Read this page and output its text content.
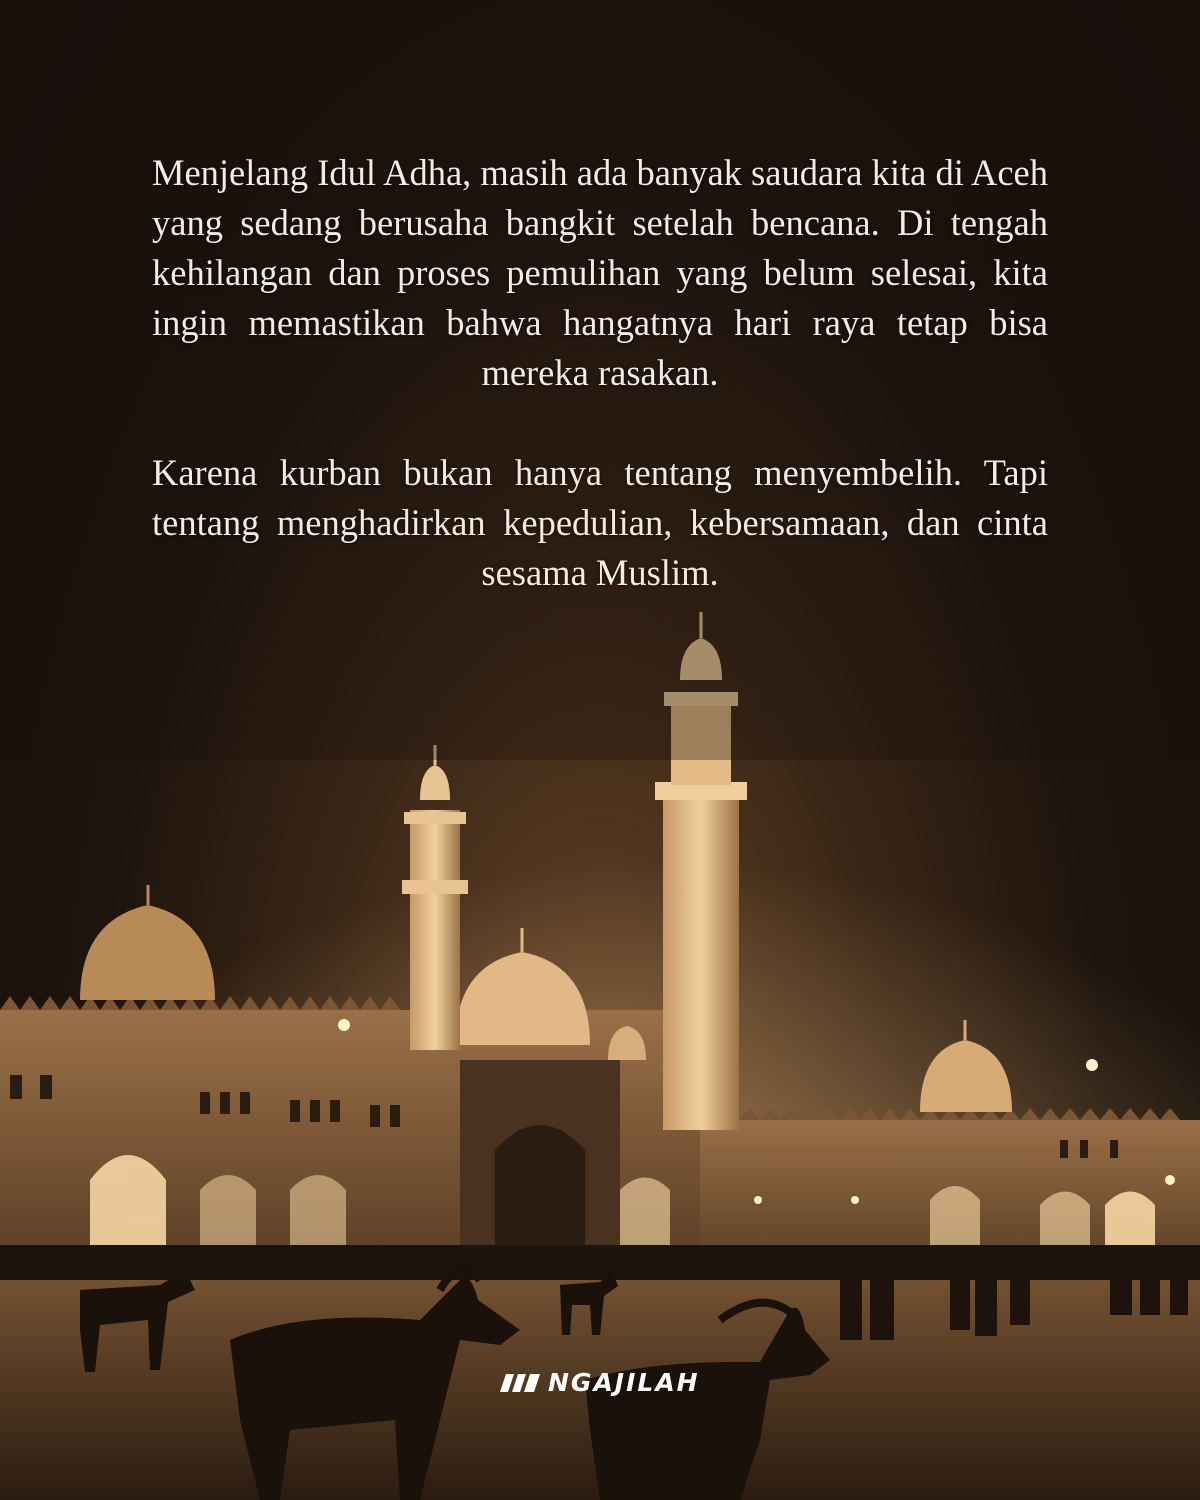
Menjelang Idul Adha, masih ada banyak saudara kita di Aceh yang sedang berusaha bangkit setelah bencana. Di tengah kehilangan dan proses pemulihan yang belum selesai, kita ingin memastikan bahwa hangatnya hari raya tetap bisa mereka rasakan.

Karena kurban bukan hanya tentang menyembelih. Tapi tentang menghadirkan kepedulian, kebersamaan, dan cinta sesama Muslim.

NGAJILAH
